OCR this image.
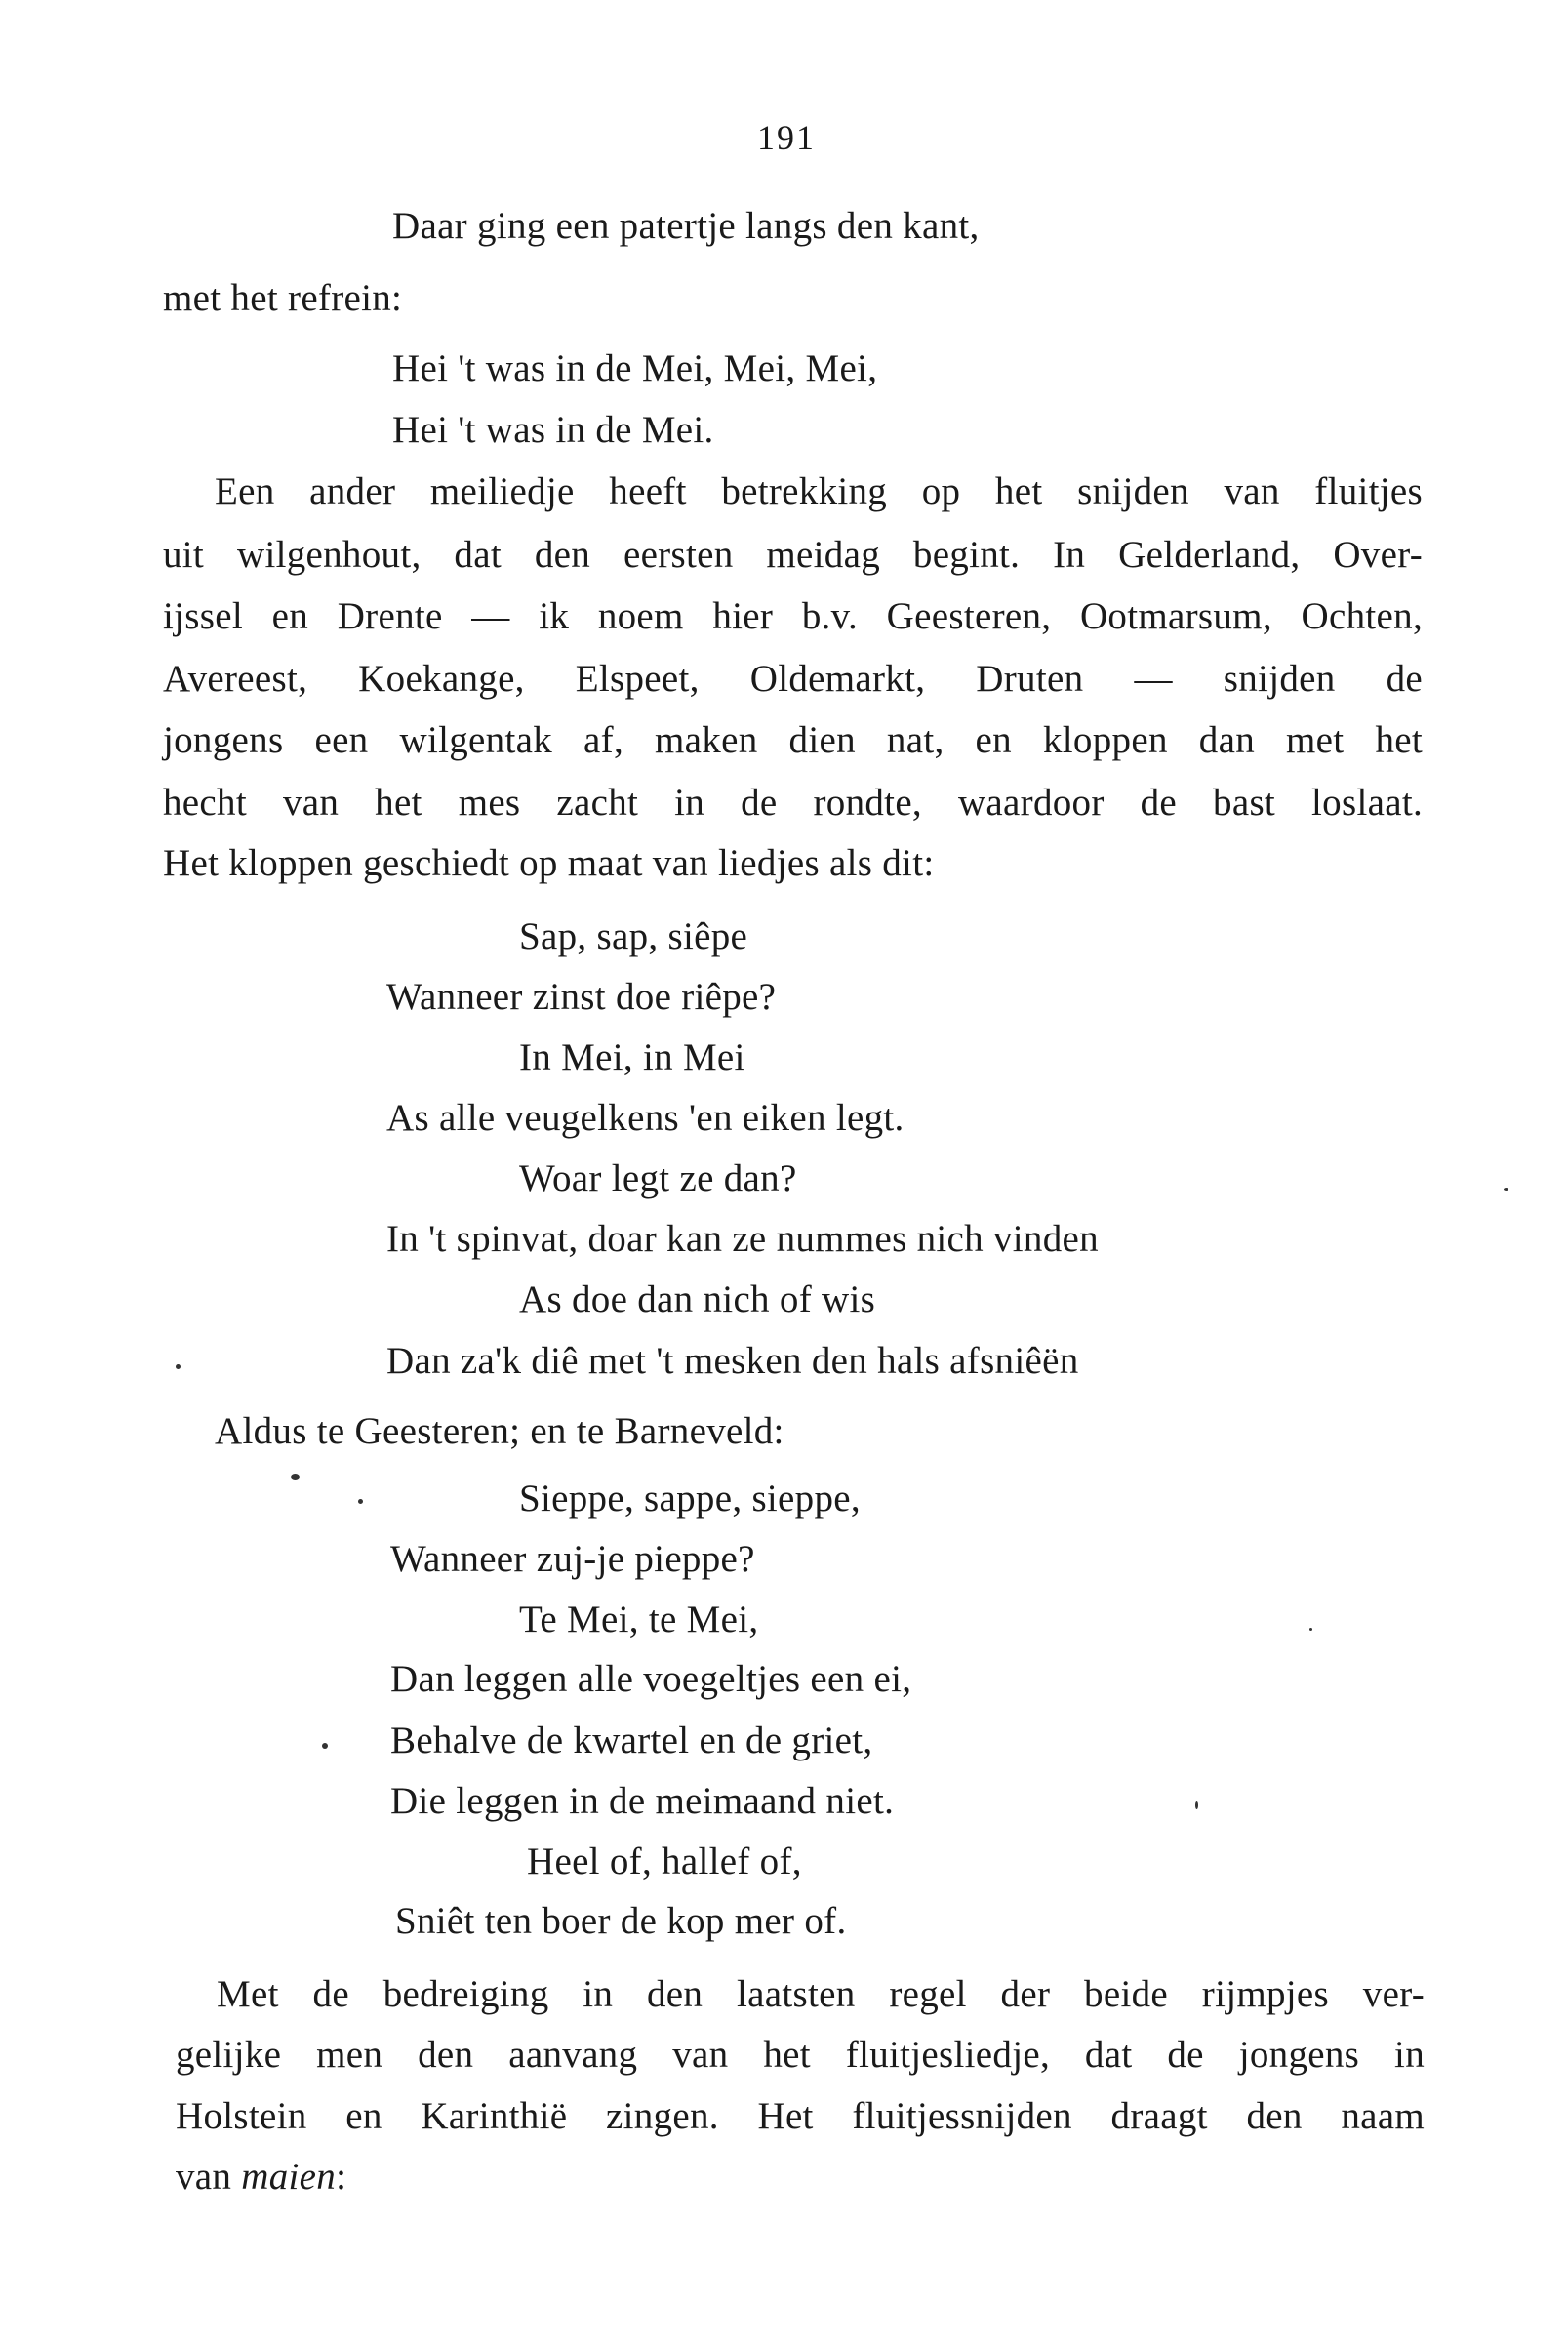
191
Daar ging een patertje langs den kant,
met het refrein:
Hei 't was in de Mei, Mei, Mei,
Hei 't was in de Mei.
Een ander meiliedje heeft betrekking op het snijden van fluitjes
uit wilgenhout, dat den eersten meidag begint. In Gelderland, Over-
ijssel en Drente — ik noem hier b.v. Geesteren, Ootmarsum, Ochten,
Avereest, Koekange, Elspeet, Oldemarkt, Druten — snijden de
jongens een wilgentak af, maken dien nat, en kloppen dan met het
hecht van het mes zacht in de rondte, waardoor de bast loslaat.
Het kloppen geschiedt op maat van liedjes als dit:
Sap, sap, siêpe
Wanneer zinst doe riêpe?
In Mei, in Mei
As alle veugelkens 'en eiken legt.
Woar legt ze dan?
In 't spinvat, doar kan ze nummes nich vinden
As doe dan nich of wis
Dan za'k diê met 't mesken den hals afsniêën
Aldus te Geesteren; en te Barneveld:
Sieppe, sappe, sieppe,
Wanneer zuj-je pieppe?
Te Mei, te Mei,
Dan leggen alle voegeltjes een ei,
Behalve de kwartel en de griet,
Die leggen in de meimaand niet.
Heel of, hallef of,
Sniêt ten boer de kop mer of.
Met de bedreiging in den laatsten regel der beide rijmpjes ver-
gelijke men den aanvang van het fluitjesliedje, dat de jongens in
Holstein en Karinthië zingen. Het fluitjessnijden draagt den naam
van maien:
